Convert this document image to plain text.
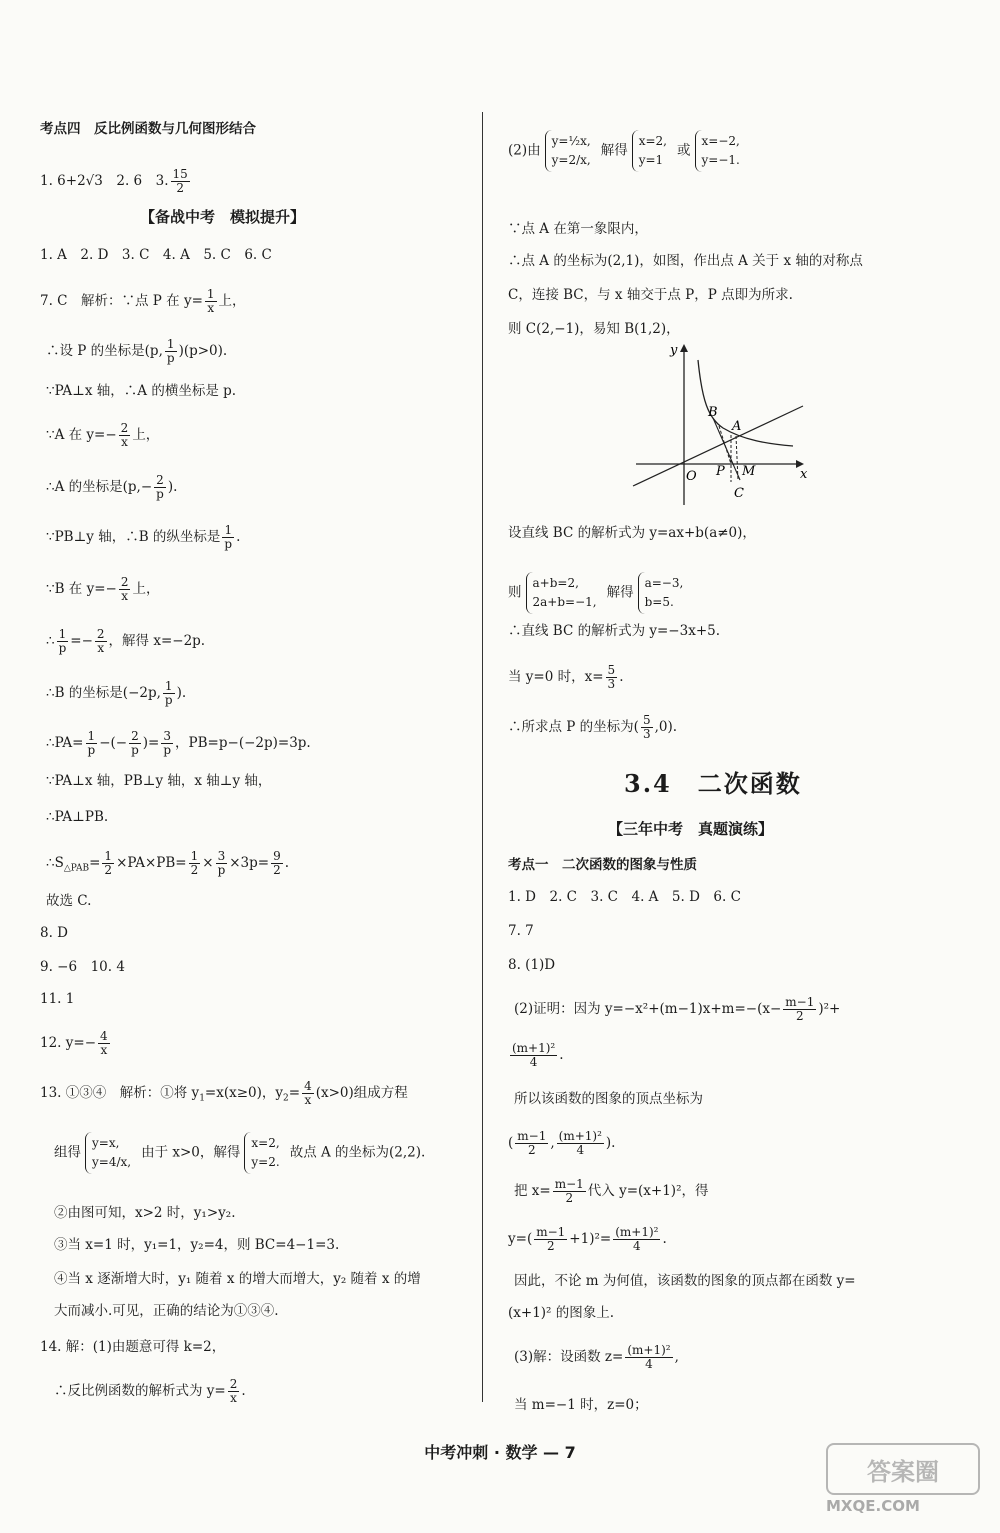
考点四　反比例函数与几何图形结合
1. 6+2√3　2. 6　3. $\frac{15}{2}$
【备战中考　模拟提升】
1. A　2. D　3. C　4. A　5. C　6. C
7. C　解析：∵点 P 在 $y= \frac{1}{x}$ 上，
∴设 P 的坐标是(p, $\frac{1}{p} )(p>0)$.
∵PA⊥x 轴，∴A 的横坐标是 p.
∵A 在 $y=- \frac{2}{x}$ 上，
∴A 的坐标是($p,- \frac{2}{p}$ ).
∵PB⊥y 轴，∴B 的纵坐标是 $\frac{1}{p}$ .
∵B 在 $y=- \frac{2}{x}$ 上，
∴ $\frac{1}{p} =- \frac{2}{x}$ ，解得 x=−2p.
∴B 的坐标是(−2p, $\frac{1}{p}$ ).
∴PA= $\frac{1}{p}$ −(− $\frac{2}{p}$ )= $\frac{3}{p}$ ，PB=p−(−2p)=3p.
∵PA⊥x 轴，PB⊥y 轴，x 轴⊥y 轴，
∴PA⊥PB.
$\therefore S_{\triangle PAB}= \frac{1}{2} \times PA\times PB= \frac{1}{2} \times \frac{3}{p} \times 3p= \frac{9}{2}$ .
故选 C.
8. D
9. −6　10. 4
11. 1
12. $y=- \frac{4}{x}$
13. ①③④　解析：①将 $y_1=x(x\ge 0)$，$y_2= \frac{4}{x} (x>0)$组成方程
组得
y=x,
y=4/x,
由于 x>0，解得
x=2,
y=2.
故点 A 的坐标为(2,2).
②由图可知，x>2 时，y₁>y₂.
③当 x=1 时，y₁=1，y₂=4，则 BC=4−1=3.
④当 x 逐渐增大时，y₁ 随着 x 的增大而增大，y₂ 随着 x 的增
大而减小.可见，正确的结论为①③④.
14. 解：(1)由题意可得 k=2，
∴反比例函数的解析式为 $y= \frac{2}{x}$ .
(2)由
y=½x,
y=2/x,
解得
x=2,
y=1
或
x=−2,
y=−1.
∵点 A 在第一象限内，
∴点 A 的坐标为(2,1)，如图，作出点 A 关于 x 轴的对称点
C，连接 BC，与 x 轴交于点 P，P 点即为所求.
则 C(2,−1)，易知 B(1,2)，
y
x
O P M
A
B
C
设直线 BC 的解析式为 y=ax+b(a≠0)，
则
a+b=2,
2a+b=−1,
解得
a=−3,
b=5.
∴直线 BC 的解析式为 y=−3x+5.
当 y=0 时，$x= \frac{5}{3}$ .
∴所求点 P 的坐标为( $\frac{5}{3} ,0$).
3.4　二次函数
【三年中考　真题演练】
考点一　二次函数的图象与性质
1. D　2. C　3. C　4. A　5. D　6. C
7. 7
8. (1)D
(2)证明：因为 $y=-x^2+(m-1)x+m=-(x- \frac{m-1}{2} )^2+$
$\frac{\text{(m+1)²}}{4}$ .
所以该函数的图象的顶点坐标为
( $\frac{m-1}{2}$ , $\frac{\text{(m+1)²}}{4}$ ).
把 $x= \frac{m-1}{2}$ 代入 y=(x+1)²，得
$y=( \frac{m-1}{2} +1)^2= \frac{\text{(m+1)²}}{4}$ .
因此，不论 m 为何值，该函数的图象的顶点都在函数 y=
(x+1)² 的图象上.
(3)解：设函数 $z= \frac{\text{(m+1)²}}{4}$ ,
当 m=−1 时，z=0；
中考冲刺 · 数学 — 7
答案圈
MXQE.COM
